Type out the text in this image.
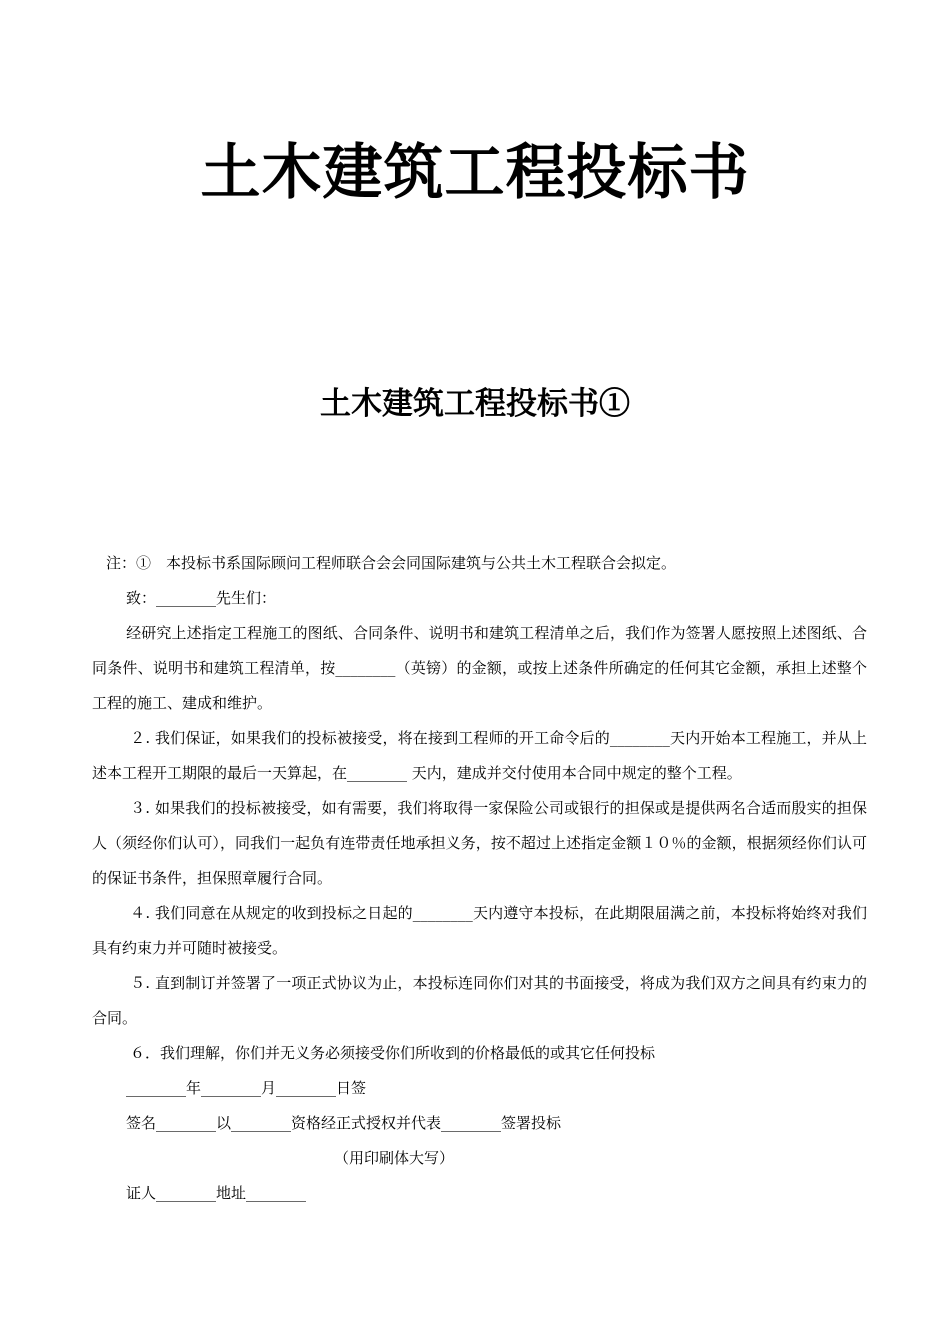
土木建筑工程投标书
土木建筑工程投标书①

注：①　本投标书系国际顾问工程师联合会会同国际建筑与公共土木工程联合会拟定。

致：________先生们：

经研究上述指定工程施工的图纸、合同条件、说明书和建筑工程清单之后，我们作为签署人愿按照上述图纸、合同条件、说明书和建筑工程清单，按________（英镑）的金额，或按上述条件所确定的任何其它金额，承担上述整个工程的施工、建成和维护。

２. 我们保证，如果我们的投标被接受，将在接到工程师的开工命令后的________天内开始本工程施工，并从上述本工程开工期限的最后一天算起，在________ 天内，建成并交付使用本合同中规定的整个工程。

３. 如果我们的投标被接受，如有需要，我们将取得一家保险公司或银行的担保或是提供两名合适而殷实的担保人（须经你们认可），同我们一起负有连带责任地承担义务，按不超过上述指定金额１０％的金额，根据须经你们认可的保证书条件，担保照章履行合同。

４. 我们同意在从规定的收到投标之日起的________天内遵守本投标，在此期限届满之前，本投标将始终对我们具有约束力并可随时被接受。

５. 直到制订并签署了一项正式协议为止，本投标连同你们对其的书面接受，将成为我们双方之间具有约束力的合同。

６．我们理解，你们并无义务必须接受你们所收到的价格最低的或其它任何投标

________年________月________日签

签名________以________资格经正式授权并代表________签署投标

（用印刷体大写）

证人________地址________
